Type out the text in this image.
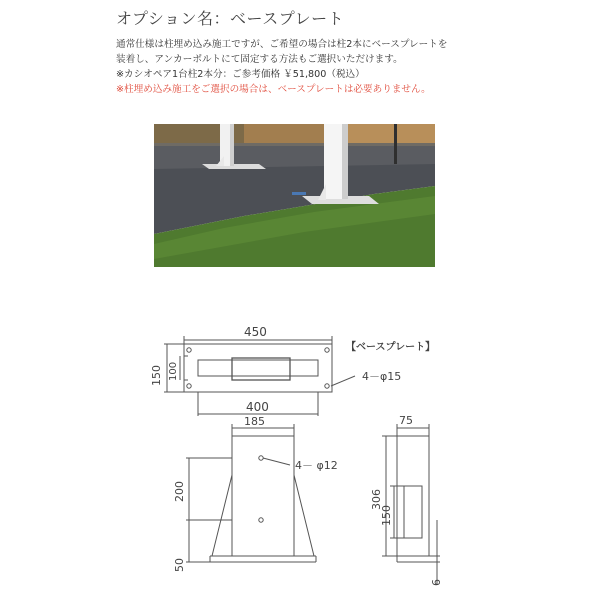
オプション名：ベースプレート
通常仕様は柱埋め込み施工ですが、ご希望の場合は柱2本にベースプレートを
装着し、アンカーボルトにて固定する方法もご選択いただけます。
※カシオペア1台柱2本分：ご参考価格 ￥51,800（税込）
※柱埋め込み施工をご選択の場合は、ベースプレートは必要ありません。
【ベースプレート】
450
400
4－φ15
150 100
185
4－ φ12
200
50
75
306
150
6
